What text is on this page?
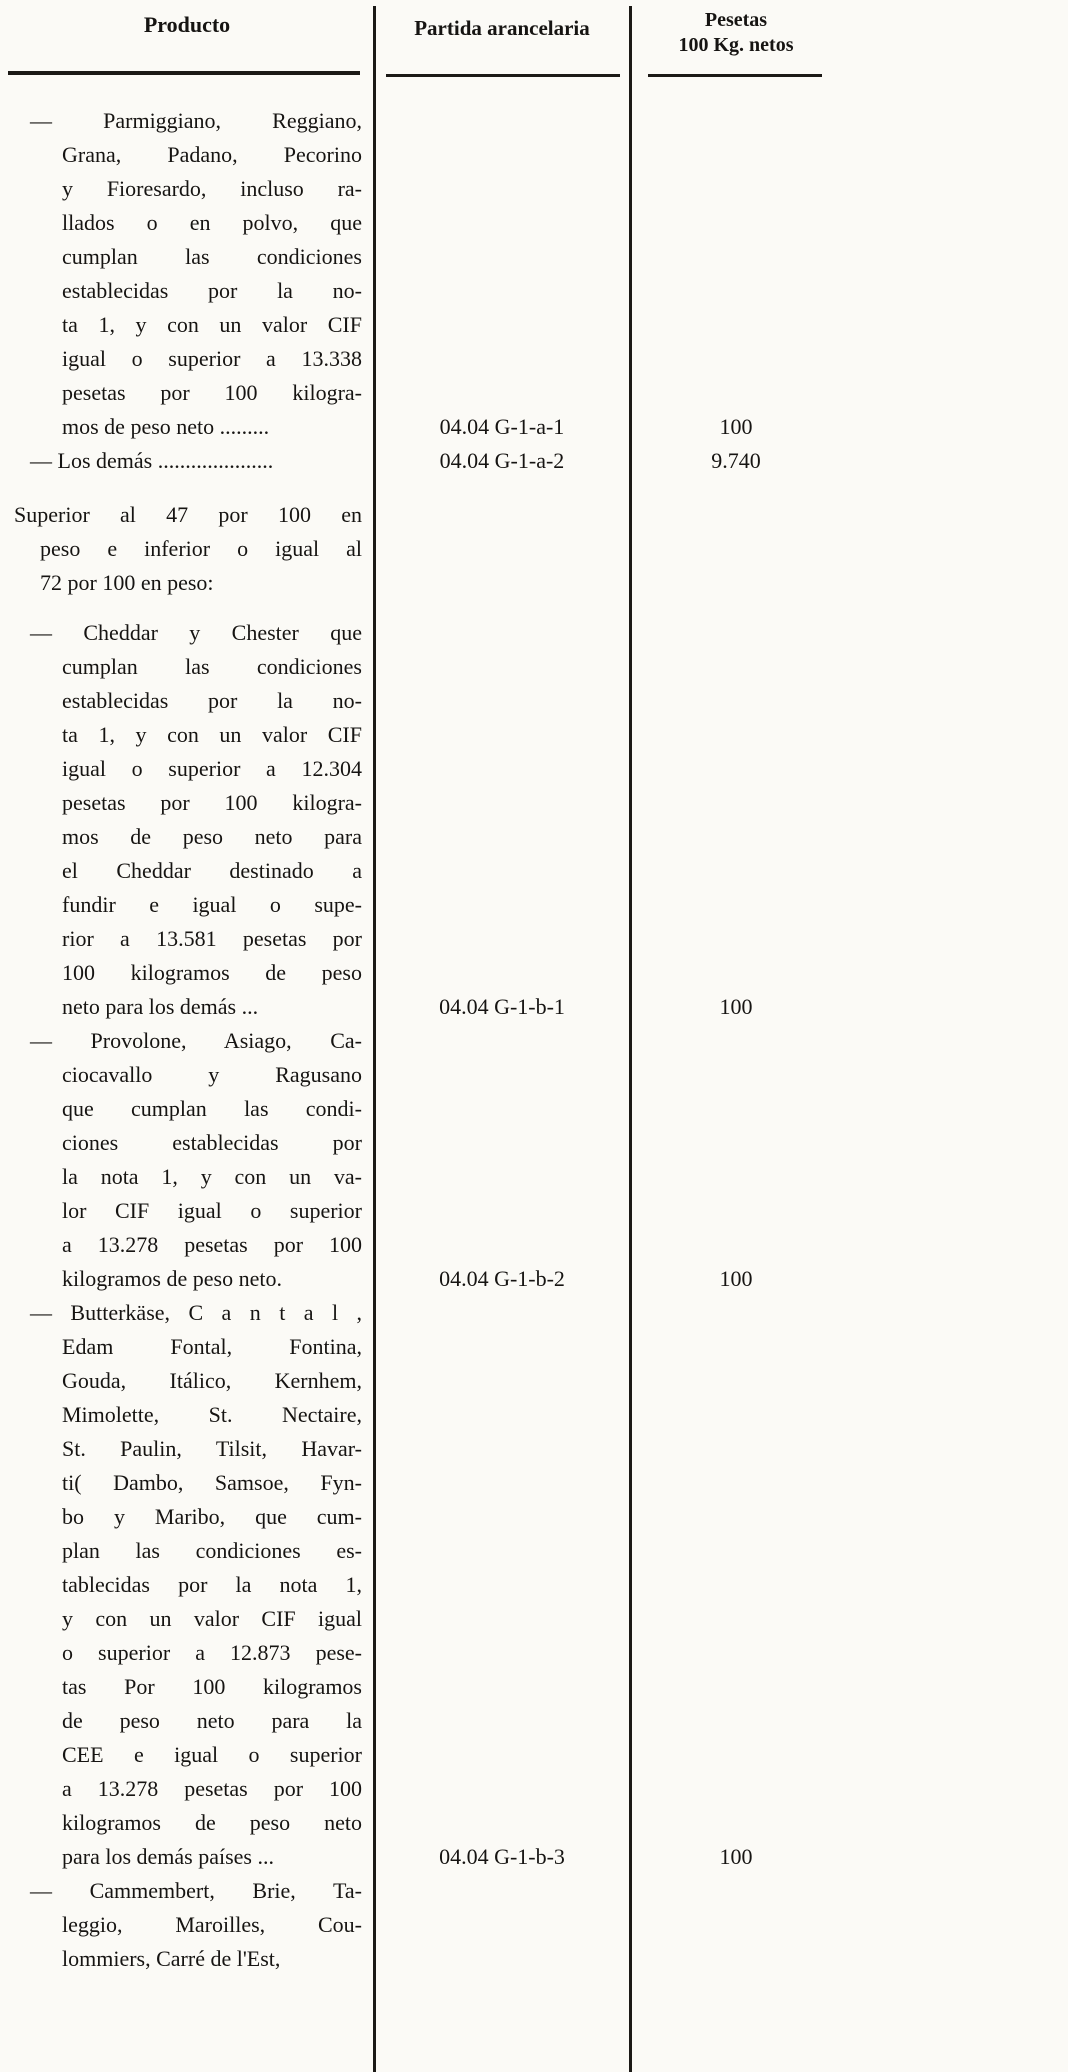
Producto	Partida arancelaria	Pesetas
100 Kg. netos
— Parmiggiano, Reggiano,
Grana, Padano, Pecorino
y Fioresardo, incluso ra-
llados o en polvo, que
cumplan las condiciones
establecidas por la no-
ta 1, y con un valor CIF
igual o superior a 13.338
pesetas por 100 kilogra-
mos de peso neto .........	04.04 G-1-a-1	100
— Los demás .....................	04.04 G-1-a-2	9.740
Superior al 47 por 100 en
peso e inferior o igual al
72 por 100 en peso:
— Cheddar y Chester que
cumplan las condiciones
establecidas por la no-
ta 1, y con un valor CIF
igual o superior a 12.304
pesetas por 100 kilogra-
mos de peso neto para
el Cheddar destinado a
fundir e igual o supe-
rior a 13.581 pesetas por
100 kilogramos de peso
neto para los demás ...	04.04 G-1-b-1	100
— Provolone, Asiago, Ca-
ciocavallo y Ragusano
que cumplan las condi-
ciones establecidas por
la nota 1, y con un va-
lor CIF igual o superior
a 13.278 pesetas por 100
kilogramos de peso neto.	04.04 G-1-b-2	100
— Butterkäse, C a n t a l ,
Edam Fontal, Fontina,
Gouda, Itálico, Kernhem,
Mimolette, St. Nectaire,
St. Paulin, Tilsit, Havar-
ti( Dambo, Samsoe, Fyn-
bo y Maribo, que cum-
plan las condiciones es-
tablecidas por la nota 1,
y con un valor CIF igual
o superior a 12.873 pese-
tas Por 100 kilogramos
de peso neto para la
CEE e igual o superior
a 13.278 pesetas por 100
kilogramos de peso neto
para los demás países ...	04.04 G-1-b-3	100
— Cammembert, Brie, Ta-
leggio, Maroilles, Cou-
lommiers, Carré de l'Est,
